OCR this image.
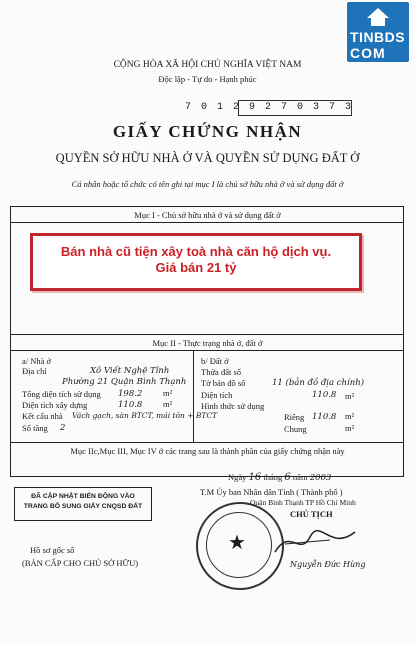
TINBDS
COM
CỘNG HÒA XÃ HỘI CHỦ NGHĨA VIỆT NAM
Độc lập - Tự do - Hạnh phúc
7 0 1 2 9 2 7 0 3 7 3
GIẤY CHỨNG NHẬN
QUYỀN SỞ HỮU NHÀ Ở VÀ QUYỀN SỬ DỤNG ĐẤT Ở
Cá nhân hoặc tổ chức có tên ghi tại mục I là chủ sở hữu nhà ở và sử dụng đất ở
Mục I - Chủ sở hữu nhà ở và sử dụng đất ở
Bán nhà cũ tiện xây toà nhà căn hộ dịch vụ.
Giá bán 21 tỷ
Mục II - Thực trạng nhà ở, đất ở
a/ Nhà ở
Địa chỉ	Xô Viết Nghệ Tĩnh
Phường 21 Quận Bình Thạnh
Tổng diện tích sử dụng 198.2 m²
Diện tích xây dựng	110.8 m²
Kết cấu nhà Vách gạch, sàn BTCT, mái tôn + BTCT
Số tầng 2
b/ Đất ở
Thửa đất số
Tờ bản đồ số	11 (bản đồ địa chính)
Diện tích	110.8 m²
Hình thức sử dụng
Riêng 110.8 m²
Chung	m²
Mục IIc,Mục III, Mục IV ở các trang sau là thành phần của giấy chứng nhận này
Ngày 16 tháng 6 năm 2003
T.M Ủy ban Nhân dân Tỉnh ( Thành phố )
Quận Bình Thạnh TP Hồ Chí Minh
CHỦ TỊCH
★
Nguyễn Đức Hùng
ĐÃ CẬP NHẬT BIẾN ĐỘNG VÀO
TRANG BỔ SUNG GIẤY CNQSD ĐẤT
Hồ sơ gốc số
(BẢN CẤP CHO CHỦ SỞ HỮU)
